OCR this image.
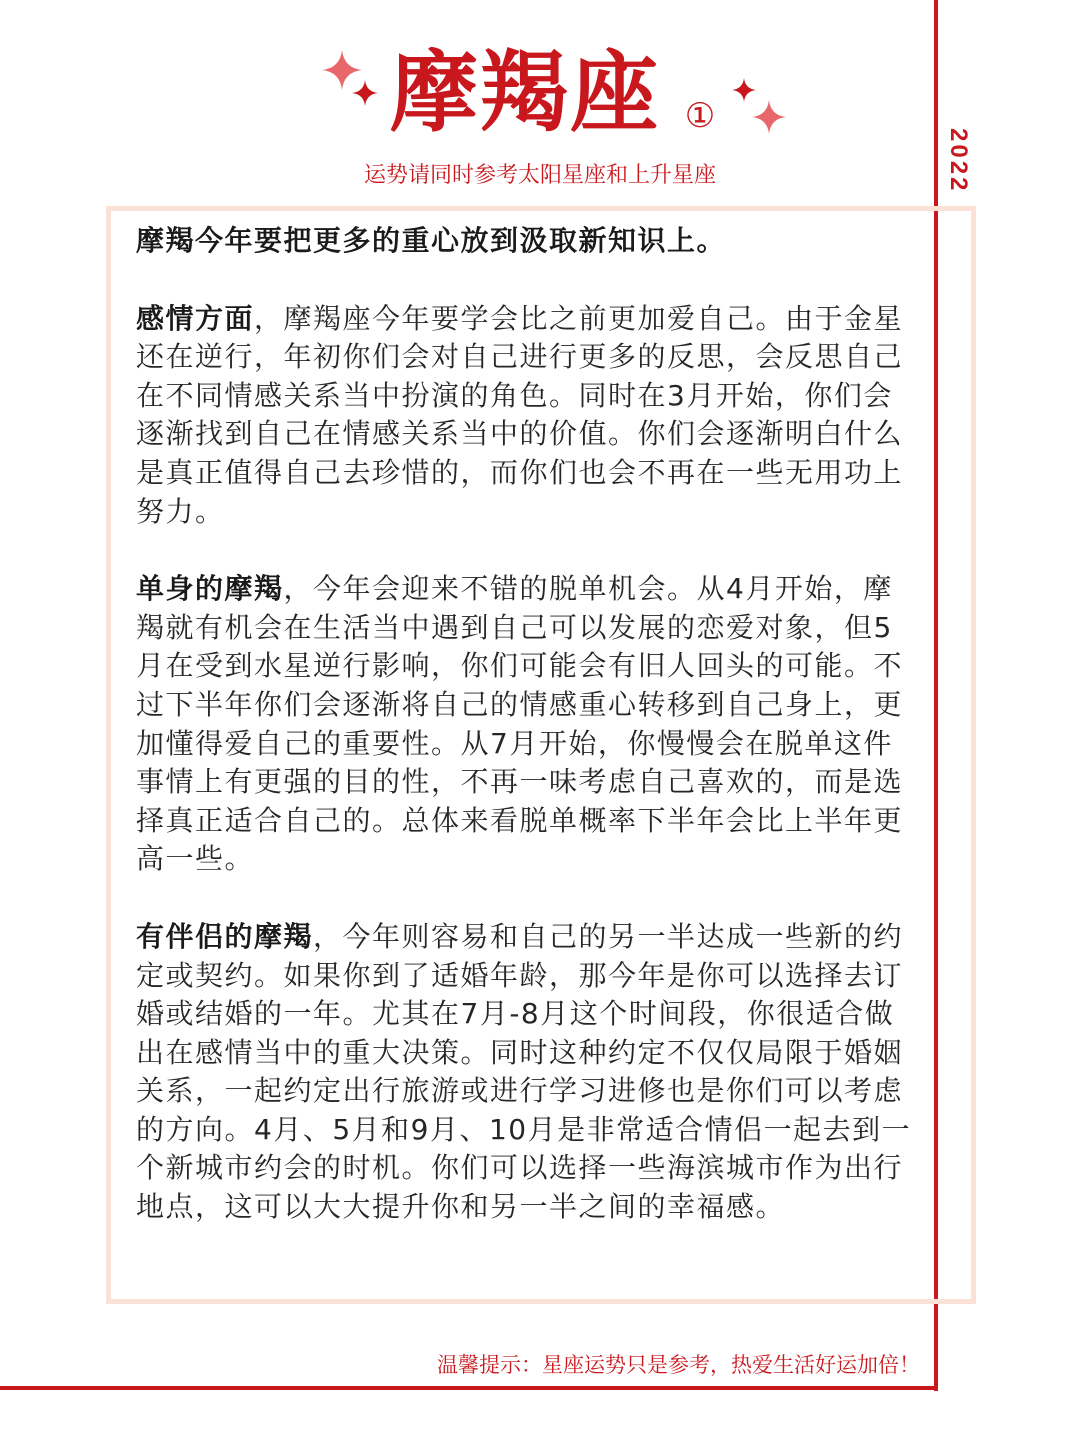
2022
摩羯座 ①
运势请同时参考太阳星座和上升星座

摩羯今年要把更多的重心放到汲取新知识上。

感情方面，摩羯座今年要学会比之前更加爱自己。由于金星还在逆行，年初你们会对自己进行更多的反思，会反思自己在不同情感关系当中扮演的角色。同时在3月开始，你们会逐渐找到自己在情感关系当中的价值。你们会逐渐明白什么是真正值得自己去珍惜的，而你们也会不再在一些无用功上努力。

单身的摩羯，今年会迎来不错的脱单机会。从4月开始，摩羯就有机会在生活当中遇到自己可以发展的恋爱对象，但5月在受到水星逆行影响，你们可能会有旧人回头的可能。不过下半年你们会逐渐将自己的情感重心转移到自己身上，更加懂得爱自己的重要性。从7月开始，你慢慢会在脱单这件事情上有更强的目的性，不再一味考虑自己喜欢的，而是选择真正适合自己的。总体来看脱单概率下半年会比上半年更高一些。

有伴侣的摩羯，今年则容易和自己的另一半达成一些新的约定或契约。如果你到了适婚年龄，那今年是你可以选择去订婚或结婚的一年。尤其在7月-8月这个时间段，你很适合做出在感情当中的重大决策。同时这种约定不仅仅局限于婚姻关系，一起约定出行旅游或进行学习进修也是你们可以考虑的方向。4月、5月和9月、10月是非常适合情侣一起去到一个新城市约会的时机。你们可以选择一些海滨城市作为出行地点，这可以大大提升你和另一半之间的幸福感。

温馨提示：星座运势只是参考，热爱生活好运加倍！
